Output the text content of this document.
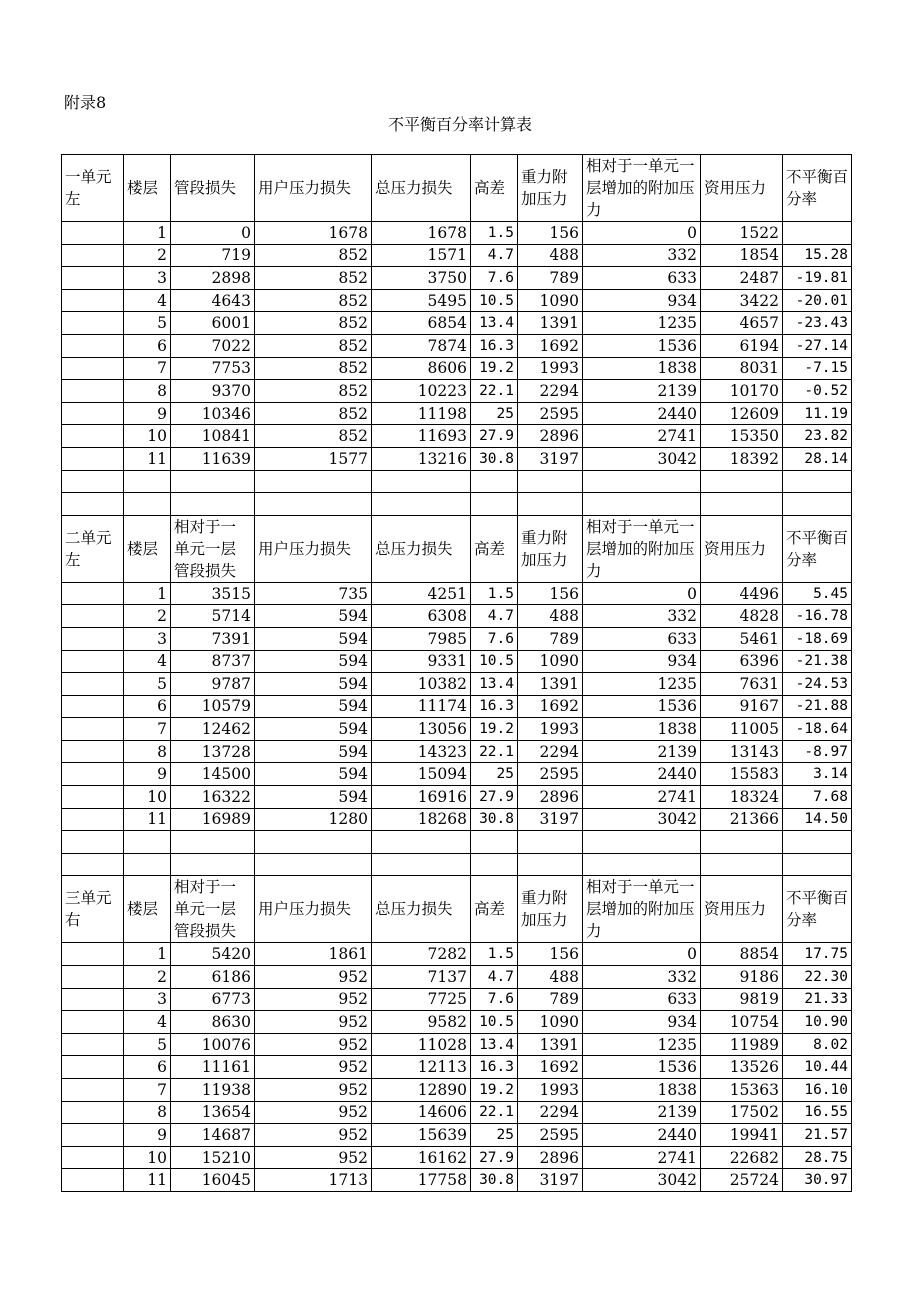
附录8
不平衡百分率计算表
一单元左	楼层	管段损失	用户压力损失	总压力损失	高差	重力附加压力	相对于一单元一层增加的附加压力	资用压力	不平衡百分率
	1	0	1678	1678	1.5	156	0	1522	
	2	719	852	1571	4.7	488	332	1854	15.28
	3	2898	852	3750	7.6	789	633	2487	-19.81
	4	4643	852	5495	10.5	1090	934	3422	-20.01
	5	6001	852	6854	13.4	1391	1235	4657	-23.43
	6	7022	852	7874	16.3	1692	1536	6194	-27.14
	7	7753	852	8606	19.2	1993	1838	8031	-7.15
	8	9370	852	10223	22.1	2294	2139	10170	-0.52
	9	10346	852	11198	25	2595	2440	12609	11.19
	10	10841	852	11693	27.9	2896	2741	15350	23.82
	11	11639	1577	13216	30.8	3197	3042	18392	28.14

二单元左	楼层	相对于一单元一层管段损失	用户压力损失	总压力损失	高差	重力附加压力	相对于一单元一层增加的附加压力	资用压力	不平衡百分率
	1	3515	735	4251	1.5	156	0	4496	5.45
	2	5714	594	6308	4.7	488	332	4828	-16.78
	3	7391	594	7985	7.6	789	633	5461	-18.69
	4	8737	594	9331	10.5	1090	934	6396	-21.38
	5	9787	594	10382	13.4	1391	1235	7631	-24.53
	6	10579	594	11174	16.3	1692	1536	9167	-21.88
	7	12462	594	13056	19.2	1993	1838	11005	-18.64
	8	13728	594	14323	22.1	2294	2139	13143	-8.97
	9	14500	594	15094	25	2595	2440	15583	3.14
	10	16322	594	16916	27.9	2896	2741	18324	7.68
	11	16989	1280	18268	30.8	3197	3042	21366	14.50

三单元右	楼层	相对于一单元一层管段损失	用户压力损失	总压力损失	高差	重力附加压力	相对于一单元一层增加的附加压力	资用压力	不平衡百分率
	1	5420	1861	7282	1.5	156	0	8854	17.75
	2	6186	952	7137	4.7	488	332	9186	22.30
	3	6773	952	7725	7.6	789	633	9819	21.33
	4	8630	952	9582	10.5	1090	934	10754	10.90
	5	10076	952	11028	13.4	1391	1235	11989	8.02
	6	11161	952	12113	16.3	1692	1536	13526	10.44
	7	11938	952	12890	19.2	1993	1838	15363	16.10
	8	13654	952	14606	22.1	2294	2139	17502	16.55
	9	14687	952	15639	25	2595	2440	19941	21.57
	10	15210	952	16162	27.9	2896	2741	22682	28.75
	11	16045	1713	17758	30.8	3197	3042	25724	30.97
